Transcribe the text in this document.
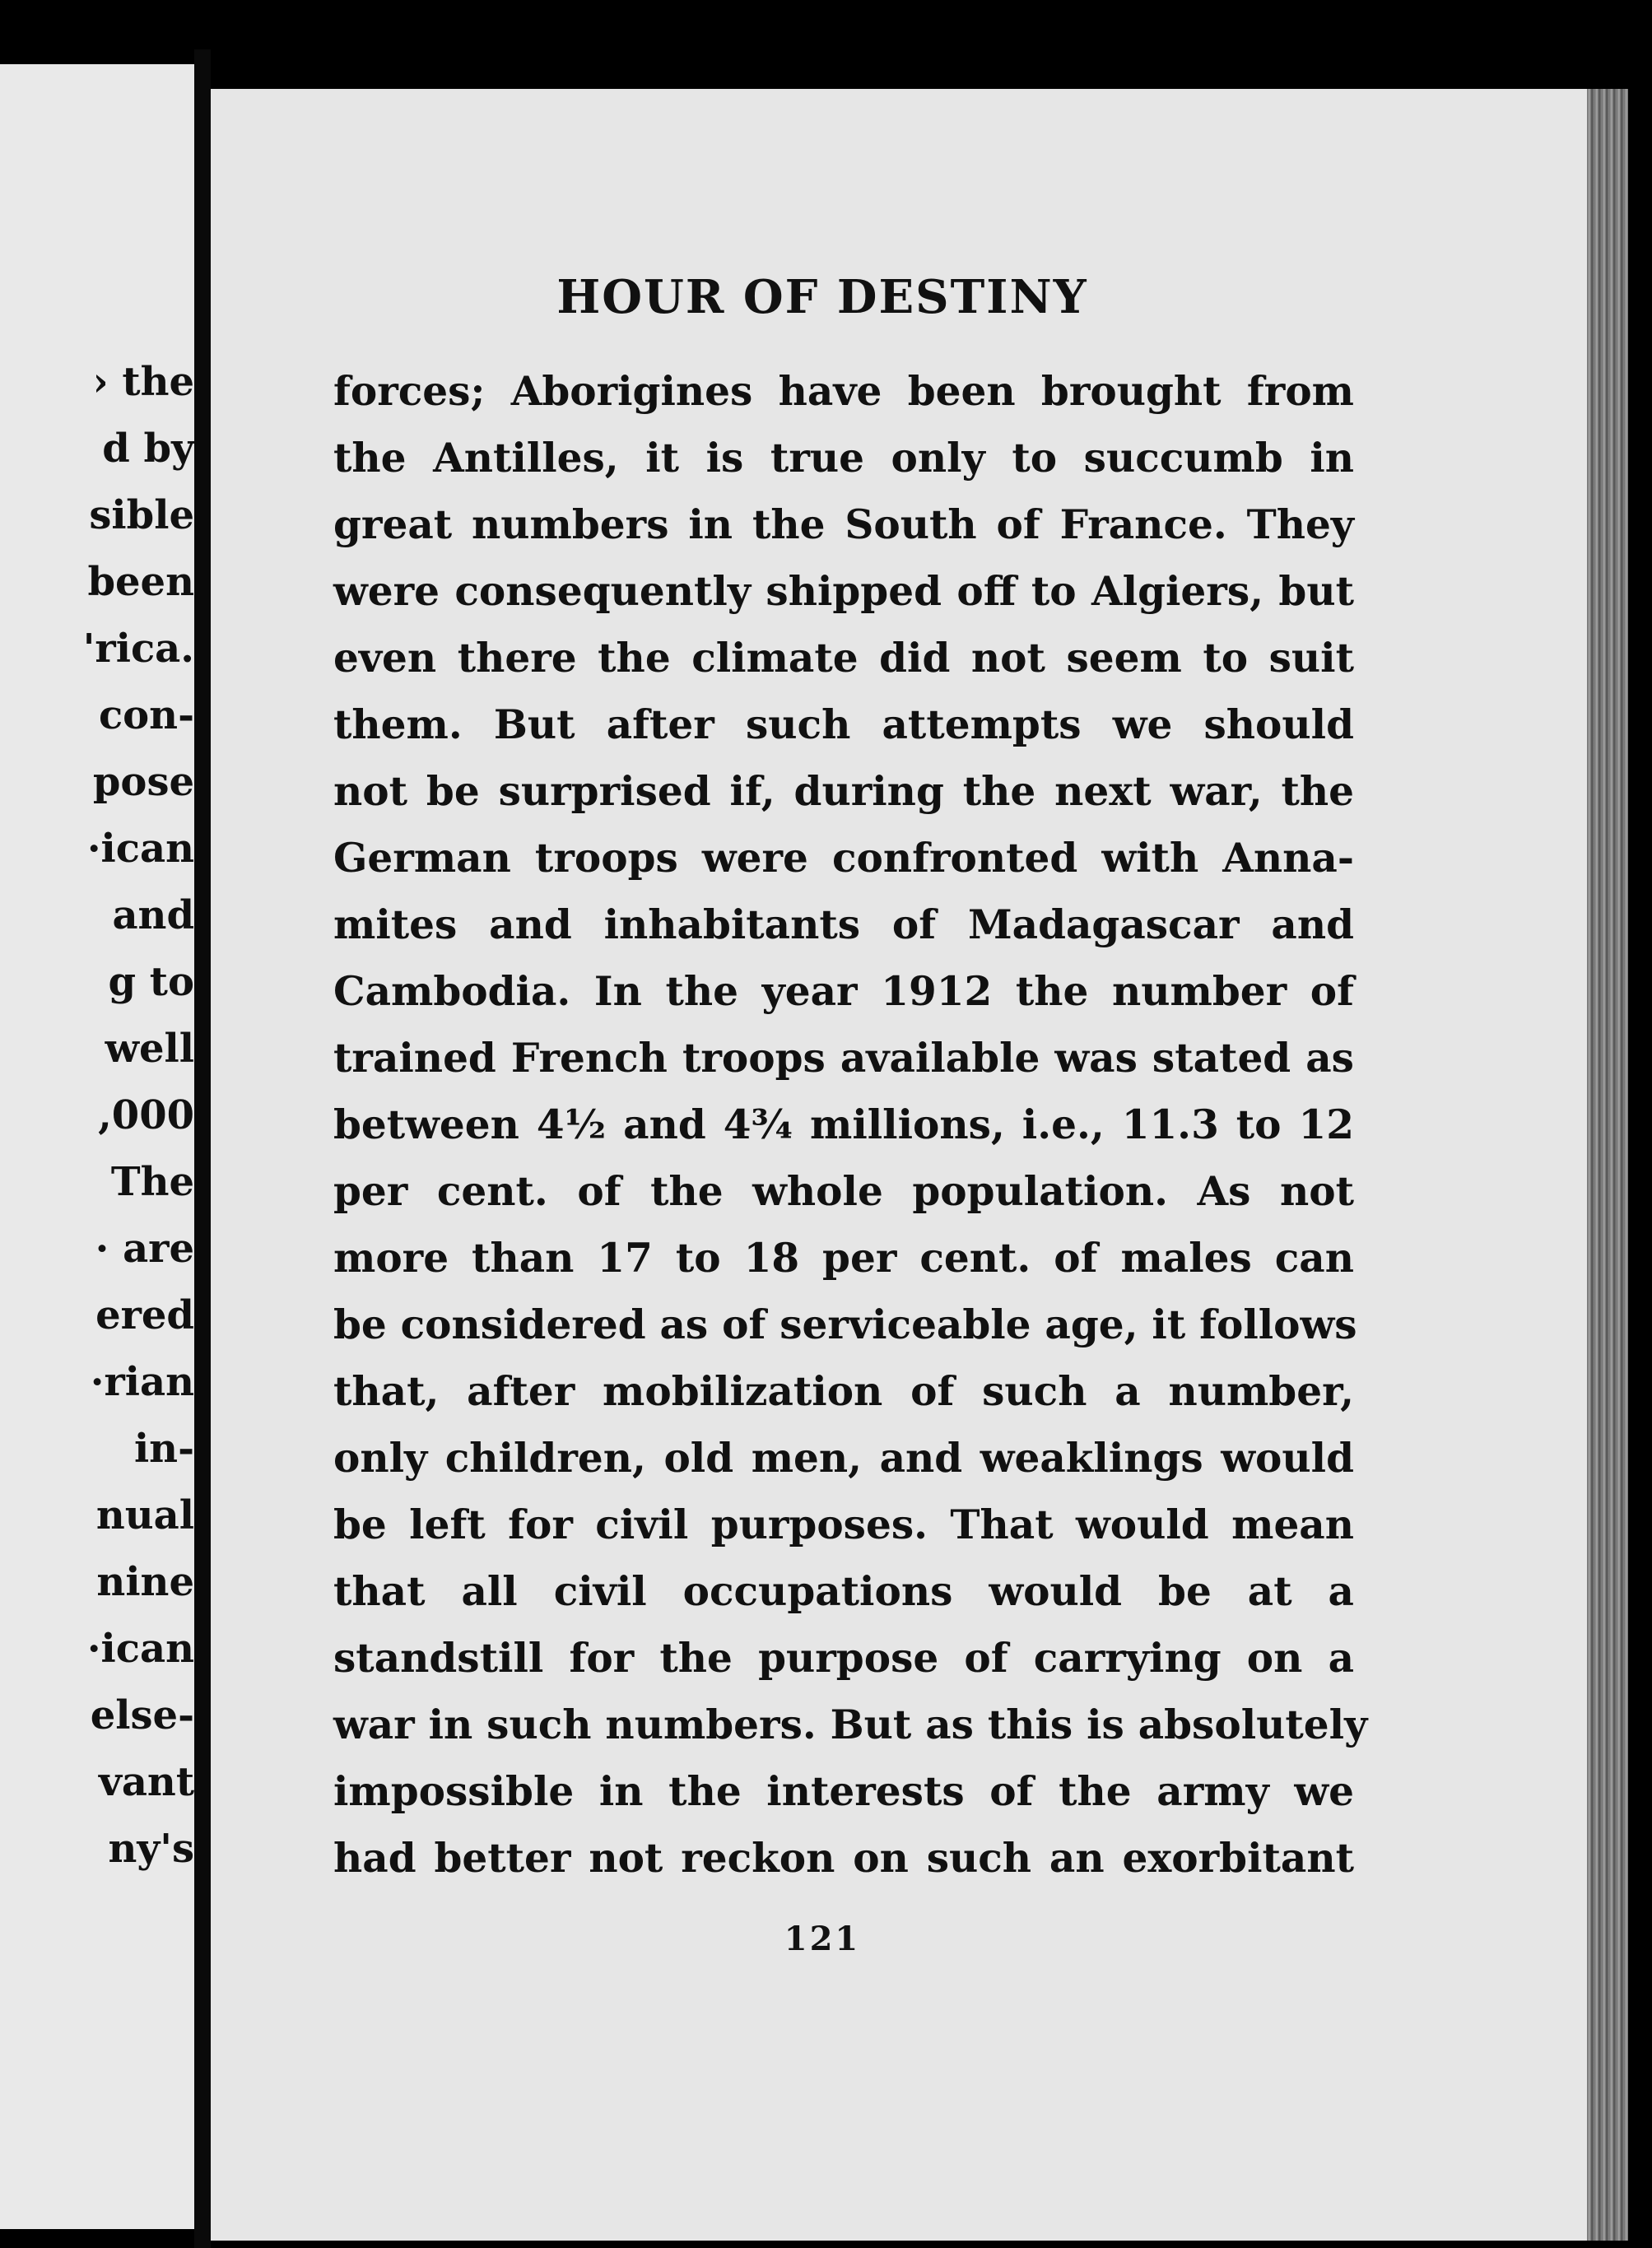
› the
d by
sible
been
'rica.
con-
pose
·ican
and
g to
well
,000
The
· are
ered
·rian
in-
nual
nine
·ican
else-
vant
ny's
HOUR OF DESTINY
forces; Aborigines have been brought from
the Antilles, it is true only to succumb in
great numbers in the South of France. They
were consequently shipped off to Algiers, but
even there the climate did not seem to suit
them. But after such attempts we should
not be surprised if, during the next war, the
German troops were confronted with Anna-
mites and inhabitants of Madagascar and
Cambodia. In the year 1912 the number of
trained French troops available was stated as
between 4½ and 4¾ millions, i.e., 11.3 to 12
per cent. of the whole population. As not
more than 17 to 18 per cent. of males can
be considered as of serviceable age, it follows
that, after mobilization of such a number,
only children, old men, and weaklings would
be left for civil purposes. That would mean
that all civil occupations would be at a
standstill for the purpose of carrying on a
war in such numbers. But as this is absolutely
impossible in the interests of the army we
had better not reckon on such an exorbitant
121
